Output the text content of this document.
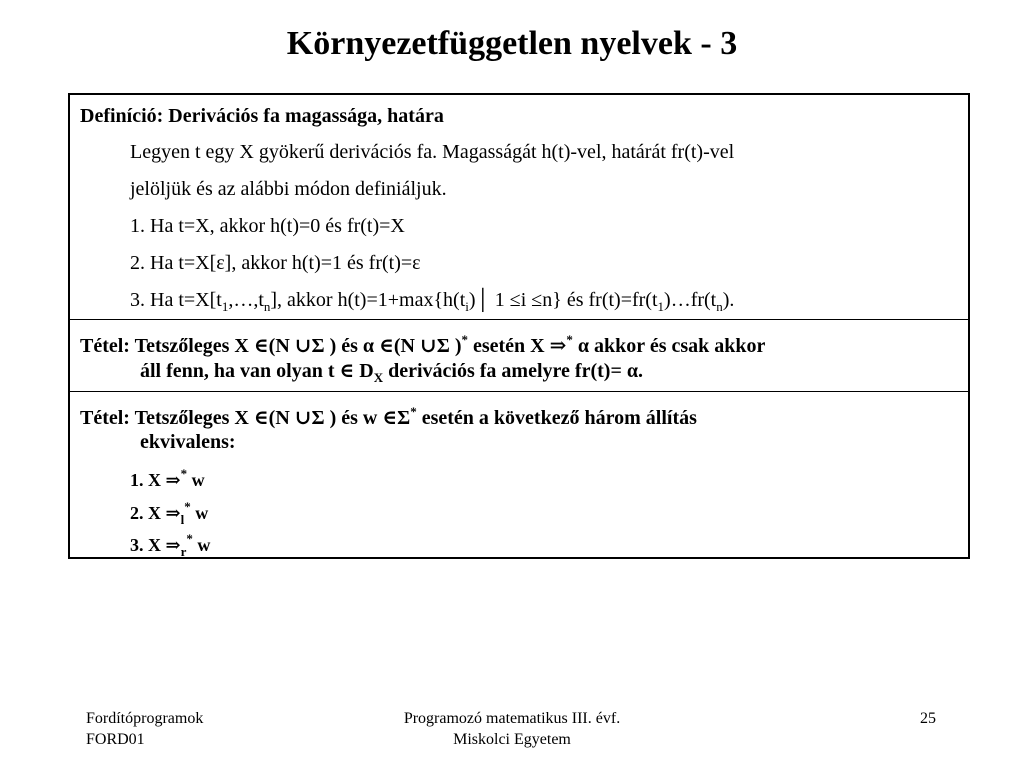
Környezetfüggetlen nyelvek - 3
Definíció: Derivációs fa magassága, határa
Legyen t egy X gyökerű derivációs fa. Magasságát h(t)-vel, határát fr(t)-vel
jelöljük és az alábbi módon definiáljuk.
1. Ha t=X, akkor h(t)=0 és fr(t)=X
2. Ha t=X[ε], akkor h(t)=1 és fr(t)=ε
3. Ha $t=X[t_1,\dots,t_n]$, akkor $h(t)=1+\max\{h(t_i)│$ 1 ≤i ≤n} és $fr(t)=fr(t_1)\dots fr(t_n)$.
Tétel: Tetszőleges X ∈(N ∪Σ ) és α ∈(N ∪Σ )* esetén X ⇒* α akkor és csak akkor
áll fenn, ha van olyan t ∈ $D_X$ derivációs fa amelyre fr(t)= α.
Tétel: Tetszőleges X ∈(N ∪Σ ) és w ∈Σ* esetén a következő három állítás
ekvivalens:
1. X ⇒* w
2. X $\Rightarrow_l^*$ w
3. X $\Rightarrow_r^*$ w
Fordítóprogramok
FORD01
Programozó matematikus III. évf.
Miskolci Egyetem
25
